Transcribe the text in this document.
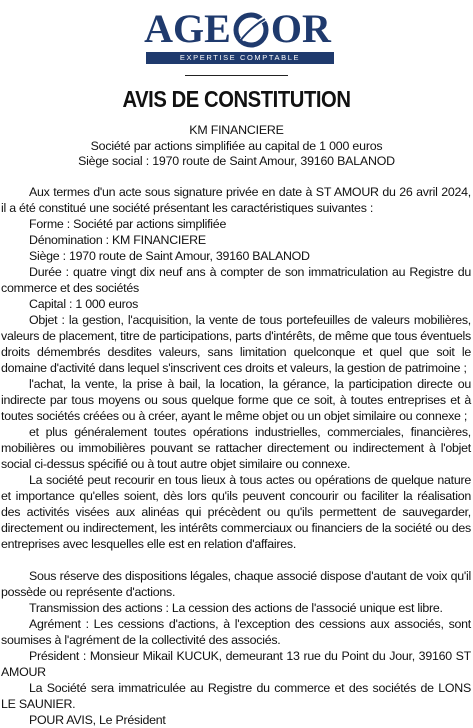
AGE OR
EXPERTISE COMPTABLE
AVIS DE CONSTITUTION
KM FINANCIERE
Société par actions simplifiée au capital de 1 000 euros
Siège social : 1970 route de Saint Amour, 39160 BALANOD

Aux termes d'un acte sous signature privée en date à ST AMOUR du 26 avril 2024, il a été constitué une société présentant les caractéristiques suivantes :

Forme : Société par actions simplifiée

Dénomination : KM FINANCIERE

Siège : 1970 route de Saint Amour, 39160 BALANOD

Durée : quatre vingt dix neuf ans à compter de son immatriculation au Registre du commerce et des sociétés

Capital : 1 000 euros

Objet : la gestion, l'acquisition, la vente de tous portefeuilles de valeurs mobilières, valeurs de placement, titre de participations, parts d'intérêts, de même que tous éventuels droits démembrés desdites valeurs, sans limitation quelconque et quel que soit le domaine d'activité dans lequel s'inscrivent ces droits et valeurs, la gestion de patrimoine ;

l'achat, la vente, la prise à bail, la location, la gérance, la participation directe ou indirecte par tous moyens ou sous quelque forme que ce soit, à toutes entreprises et à toutes sociétés créées ou à créer, ayant le même objet ou un objet similaire ou connexe ;

et plus généralement toutes opérations industrielles, commerciales, financières, mobilières ou immobilières pouvant se rattacher directement ou indirectement à l'objet social ci-dessus spécifié ou à tout autre objet similaire ou connexe.

La société peut recourir en tous lieux à tous actes ou opérations de quelque nature et importance qu'elles soient, dès lors qu'ils peuvent concourir ou faciliter la réalisation des activités visées aux alinéas qui précèdent ou qu'ils permettent de sauvegarder, directement ou indirectement, les intérêts commerciaux ou financiers de la société ou des entreprises avec lesquelles elle est en relation d'affaires.

Sous réserve des dispositions légales, chaque associé dispose d'autant de voix qu'il possède ou représente d'actions.

Transmission des actions : La cession des actions de l'associé unique est libre.

Agrément : Les cessions d'actions, à l'exception des cessions aux associés, sont soumises à l'agrément de la collectivité des associés.

Président : Monsieur Mikail KUCUK, demeurant 13 rue du Point du Jour, 39160 ST AMOUR

La Société sera immatriculée au Registre du commerce et des sociétés de LONS LE SAUNIER.

POUR AVIS, Le Président
